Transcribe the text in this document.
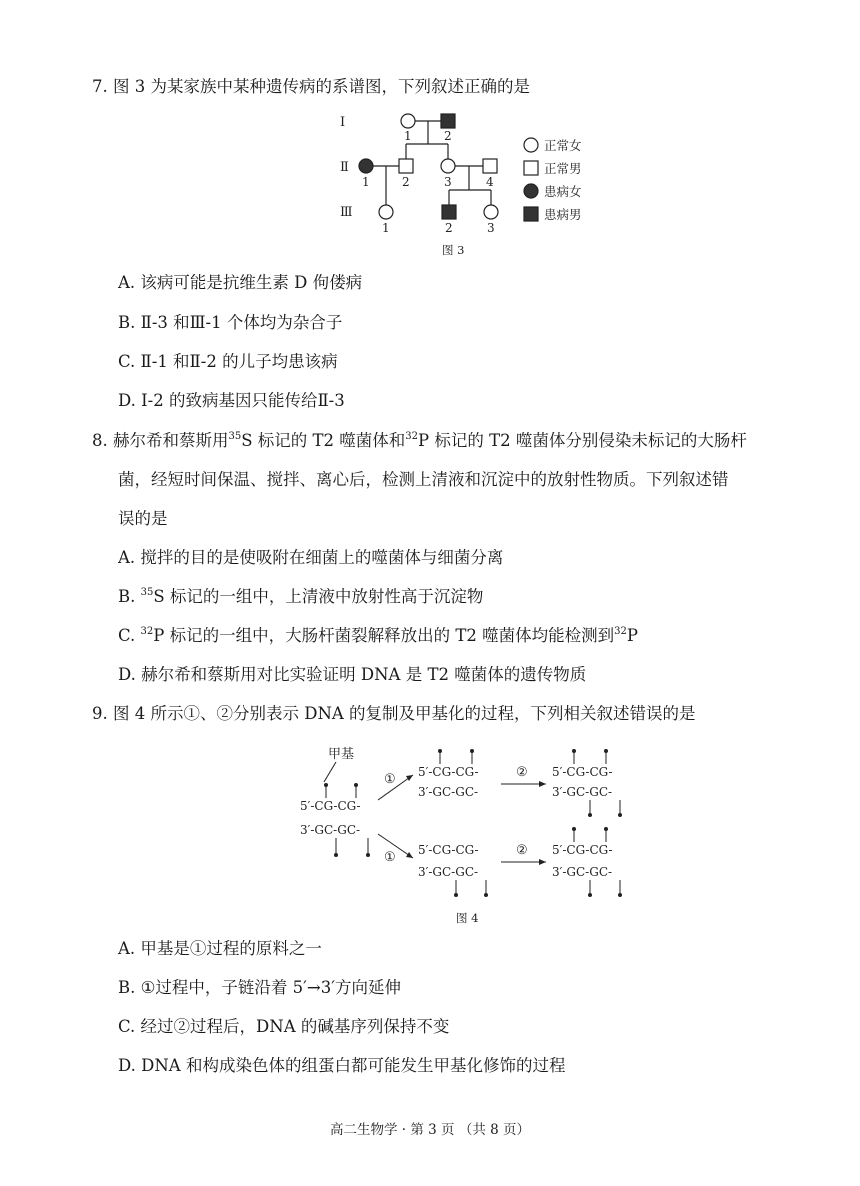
7. 图 3 为某家族中某种遗传病的系谱图，下列叙述正确的是
Ⅰ
Ⅱ
Ⅲ
1	2
1	2	3	4
1	2	3
正常女
正常男
患病女
患病男
图 3
A. 该病可能是抗维生素 D 佝偻病
B. Ⅱ-3 和Ⅲ-1 个体均为杂合子
C. Ⅱ-1 和Ⅱ-2 的儿子均患该病
D. Ⅰ-2 的致病基因只能传给Ⅱ-3
8. 赫尔希和蔡斯用$^{35}$S 标记的 T2 噬菌体和$^{32}$P 标记的 T2 噬菌体分别侵染未标记的大肠杆
菌，经短时间保温、搅拌、离心后，检测上清液和沉淀中的放射性物质。下列叙述错
误的是
A. 搅拌的目的是使吸附在细菌上的噬菌体与细菌分离
B. $^{35}$S 标记的一组中，上清液中放射性高于沉淀物
C. $^{32}$P 标记的一组中，大肠杆菌裂解释放出的 T2 噬菌体均能检测到$^{32}$P
D. 赫尔希和蔡斯用对比实验证明 DNA 是 T2 噬菌体的遗传物质
9. 图 4 所示①、②分别表示 DNA 的复制及甲基化的过程，下列相关叙述错误的是
甲基
5′-CG-CG-
3′-GC-GC-
①
①
5′-CG-CG-
3′-GC-GC-
5′-CG-CG-
3′-GC-GC-
②
②
5′-CG-CG-
3′-GC-GC-
5′-CG-CG-
3′-GC-GC-
图 4
A. 甲基是①过程的原料之一
B. ①过程中，子链沿着 5′→3′方向延伸
C. 经过②过程后，DNA 的碱基序列保持不变
D. DNA 和构成染色体的组蛋白都可能发生甲基化修饰的过程
高二生物学 · 第 3 页 （共 8 页）
